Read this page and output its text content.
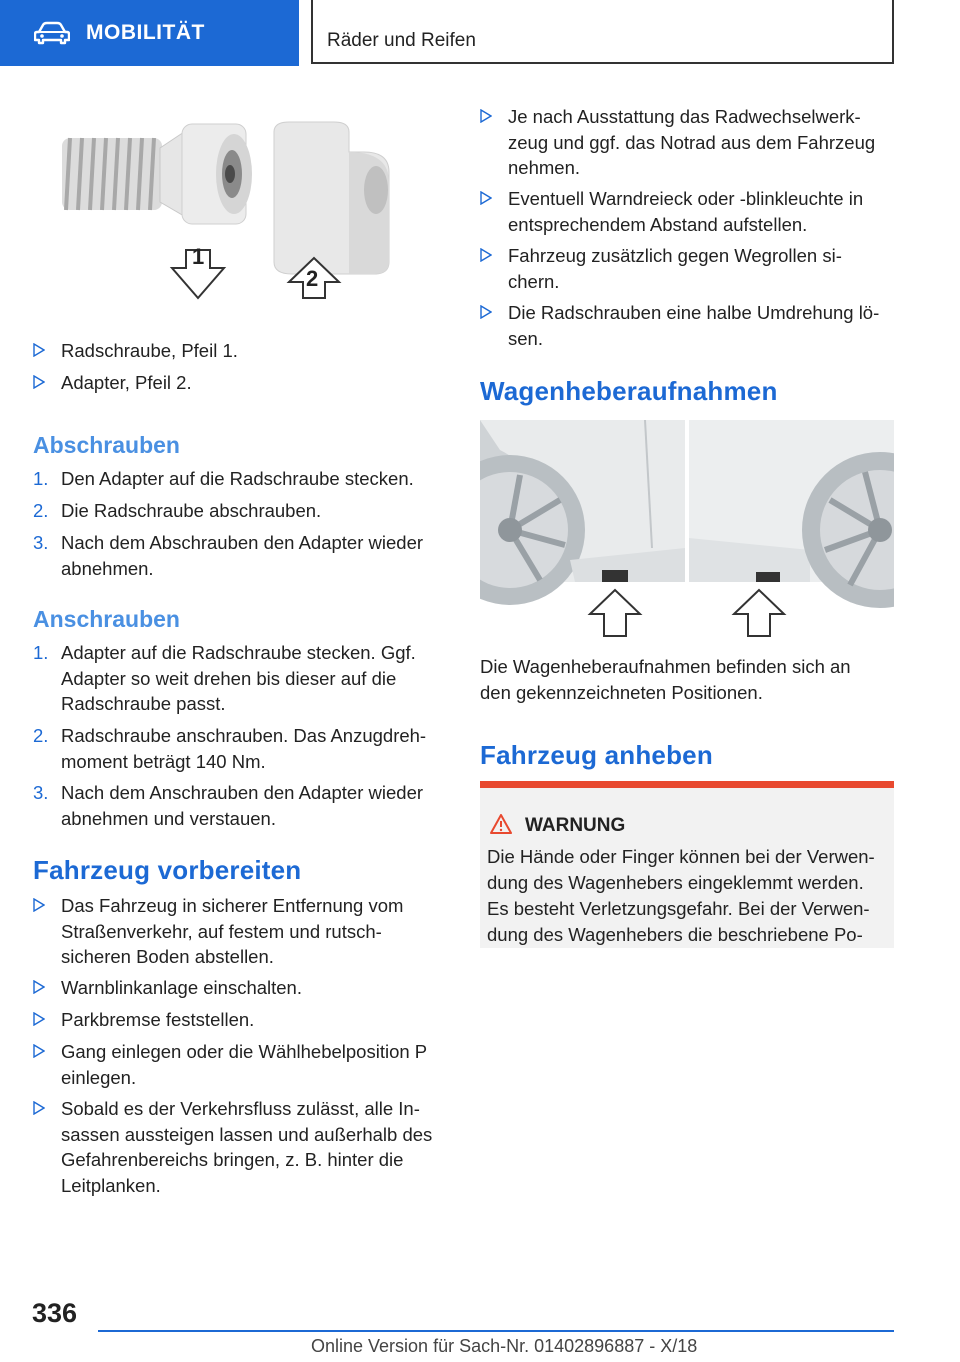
MOBILITÄT	Räder und Reifen
1
2
Radschraube, Pfeil 1.
Adapter, Pfeil 2.
Abschrauben
1. Den Adapter auf die Radschraube stecken.
2. Die Radschraube abschrauben.
3. Nach dem Abschrauben den Adapter wieder
abnehmen.
Anschrauben
1. Adapter auf die Radschraube stecken. Ggf.
Adapter so weit drehen bis dieser auf die
Radschraube passt.
2. Radschraube anschrauben. Das Anzugdreh-
moment beträgt 140 Nm.
3. Nach dem Anschrauben den Adapter wieder
abnehmen und verstauen.
Fahrzeug vorbereiten
Das Fahrzeug in sicherer Entfernung vom
Straßenverkehr, auf festem und rutsch-
sicheren Boden abstellen.
Warnblinkanlage einschalten.
Parkbremse feststellen.
Gang einlegen oder die Wählhebelposition P
einlegen.
Sobald es der Verkehrsfluss zulässt, alle In-
sassen aussteigen lassen und außerhalb des
Gefahrenbereichs bringen, z. B. hinter die
Leitplanken.
Je nach Ausstattung das Radwechselwerk-
zeug und ggf. das Notrad aus dem Fahrzeug
nehmen.
Eventuell Warndreieck oder -blinkleuchte in
entsprechendem Abstand aufstellen.
Fahrzeug zusätzlich gegen Wegrollen si-
chern.
Die Radschrauben eine halbe Umdrehung lö-
sen.
Wagenheberaufnahmen
Die Wagenheberaufnahmen befinden sich an
den gekennzeichneten Positionen.
Fahrzeug anheben
WARNUNG
Die Hände oder Finger können bei der Verwen-
dung des Wagenhebers eingeklemmt werden.
Es besteht Verletzungsgefahr. Bei der Verwen-
dung des Wagenhebers die beschriebene Po-
336
Online Version für Sach-Nr. 01402896887 - X/18
